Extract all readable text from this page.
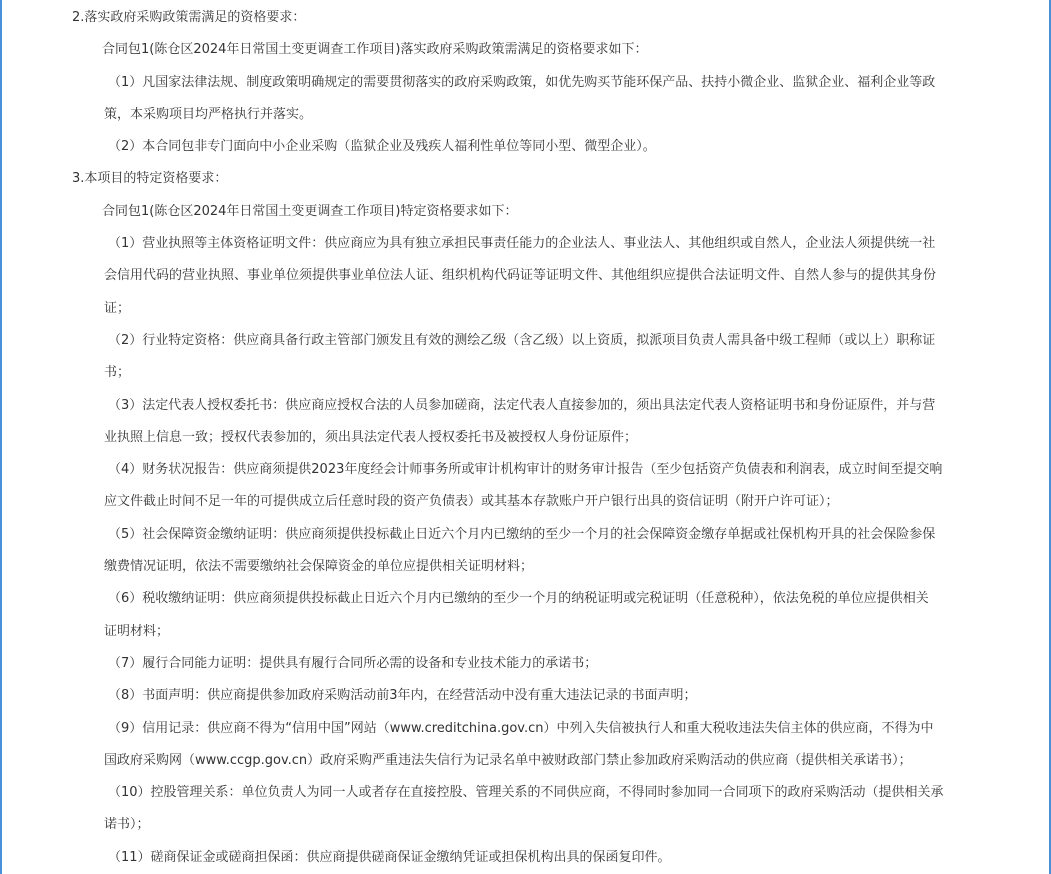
2.落实政府采购政策需满足的资格要求：
合同包1(陈仓区2024年日常国土变更调查工作项目)落实政府采购政策需满足的资格要求如下：
（1）凡国家法律法规、制度政策明确规定的需要贯彻落实的政府采购政策，如优先购买节能环保产品、扶持小微企业、监狱企业、福利企业等政
策，本采购项目均严格执行并落实。
（2）本合同包非专门面向中小企业采购（监狱企业及残疾人福利性单位等同小型、微型企业）。
3.本项目的特定资格要求：
合同包1(陈仓区2024年日常国土变更调查工作项目)特定资格要求如下：
（1）营业执照等主体资格证明文件：供应商应为具有独立承担民事责任能力的企业法人、事业法人、其他组织或自然人，企业法人须提供统一社
会信用代码的营业执照、事业单位须提供事业单位法人证、组织机构代码证等证明文件、其他组织应提供合法证明文件、自然人参与的提供其身份
证；
（2）行业特定资格：供应商具备行政主管部门颁发且有效的测绘乙级（含乙级）以上资质，拟派项目负责人需具备中级工程师（或以上）职称证
书；
（3）法定代表人授权委托书：供应商应授权合法的人员参加磋商，法定代表人直接参加的，须出具法定代表人资格证明书和身份证原件，并与营
业执照上信息一致；授权代表参加的，须出具法定代表人授权委托书及被授权人身份证原件；
（4）财务状况报告：供应商须提供2023年度经会计师事务所或审计机构审计的财务审计报告（至少包括资产负债表和利润表，成立时间至提交响
应文件截止时间不足一年的可提供成立后任意时段的资产负债表）或其基本存款账户开户银行出具的资信证明（附开户许可证）；
（5）社会保障资金缴纳证明：供应商须提供投标截止日近六个月内已缴纳的至少一个月的社会保障资金缴存单据或社保机构开具的社会保险参保
缴费情况证明，依法不需要缴纳社会保障资金的单位应提供相关证明材料；
（6）税收缴纳证明：供应商须提供投标截止日近六个月内已缴纳的至少一个月的纳税证明或完税证明（任意税种），依法免税的单位应提供相关
证明材料；
（7）履行合同能力证明：提供具有履行合同所必需的设备和专业技术能力的承诺书；
（8）书面声明：供应商提供参加政府采购活动前3年内，在经营活动中没有重大违法记录的书面声明；
（9）信用记录：供应商不得为“信用中国”网站（www.creditchina.gov.cn）中列入失信被执行人和重大税收违法失信主体的供应商，不得为中
国政府采购网（www.ccgp.gov.cn）政府采购严重违法失信行为记录名单中被财政部门禁止参加政府采购活动的供应商（提供相关承诺书）；
（10）控股管理关系：单位负责人为同一人或者存在直接控股、管理关系的不同供应商，不得同时参加同一合同项下的政府采购活动（提供相关承
诺书）；
（11）磋商保证金或磋商担保函：供应商提供磋商保证金缴纳凭证或担保机构出具的保函复印件。
